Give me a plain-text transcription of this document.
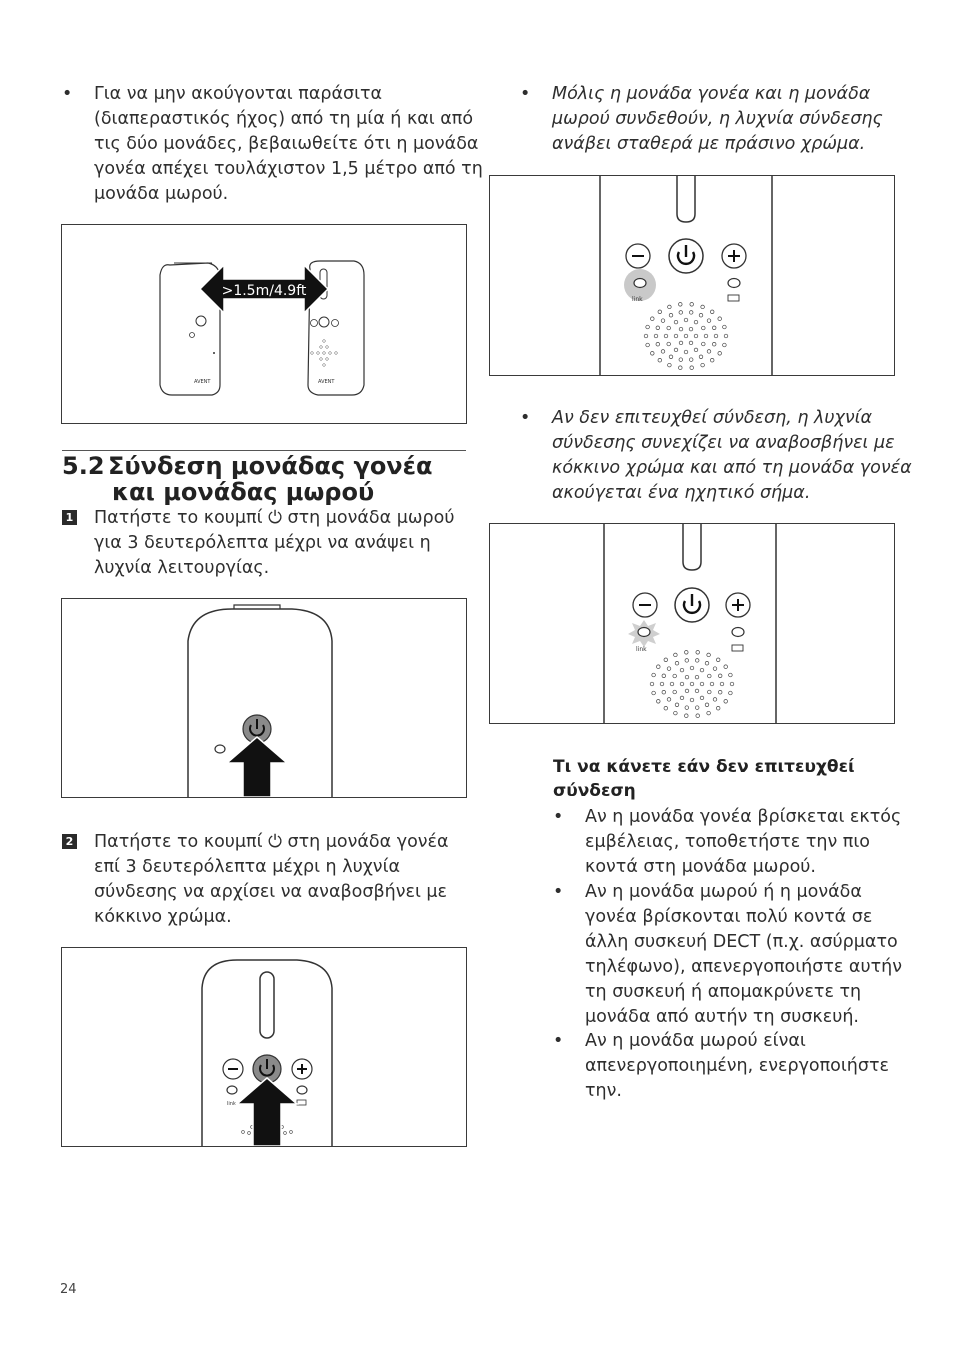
• Για να μην ακούγονται παράσιτα
(διαπεραστικός ήχος) από τη μία ή και από
τις δύο μονάδες, βεβαιωθείτε ότι η μονάδα
γονέα απέχει τουλάχιστον 1,5 μέτρο από τη
μονάδα μωρού.
AVENT	AVENT
>1.5m/4.9ft
5.2 Σύνδεση μονάδας γονέα
και μονάδας μωρού
1 Πατήστε το κουμπί ⏻ στη μονάδα μωρού
για 3 δευτερόλεπτα μέχρι να ανάψει η
λυχνία λειτουργίας.
2 Πατήστε το κουμπί ⏻ στη μονάδα γονέα
επί 3 δευτερόλεπτα μέχρι η λυχνία
σύνδεσης να αρχίσει να αναβοσβήνει με
κόκκινο χρώμα.
link
• Μόλις η μονάδα γονέα και η μονάδα
μωρού συνδεθούν, η λυχνία σύνδεσης
ανάβει σταθερά με πράσινο χρώμα.
link
• Αν δεν επιτευχθεί σύνδεση, η λυχνία
σύνδεσης συνεχίζει να αναβοσβήνει με
κόκκινο χρώμα και από τη μονάδα γονέα
ακούγεται ένα ηχητικό σήμα.
link
Τι να κάνετε εάν δεν επιτευχθεί
σύνδεση
• Αν η μονάδα γονέα βρίσκεται εκτός
εμβέλειας, τοποθετήστε την πιο
κοντά στη μονάδα μωρού.
• Αν η μονάδα μωρού ή η μονάδα
γονέα βρίσκονται πολύ κοντά σε
άλλη συσκευή DECT (π.χ. ασύρματο
τηλέφωνο), απενεργοποιήστε αυτήν
τη συσκευή ή απομακρύνετε τη
μονάδα από αυτήν τη συσκευή.
• Αν η μονάδα μωρού είναι
απενεργοποιημένη, ενεργοποιήστε
την.
24
